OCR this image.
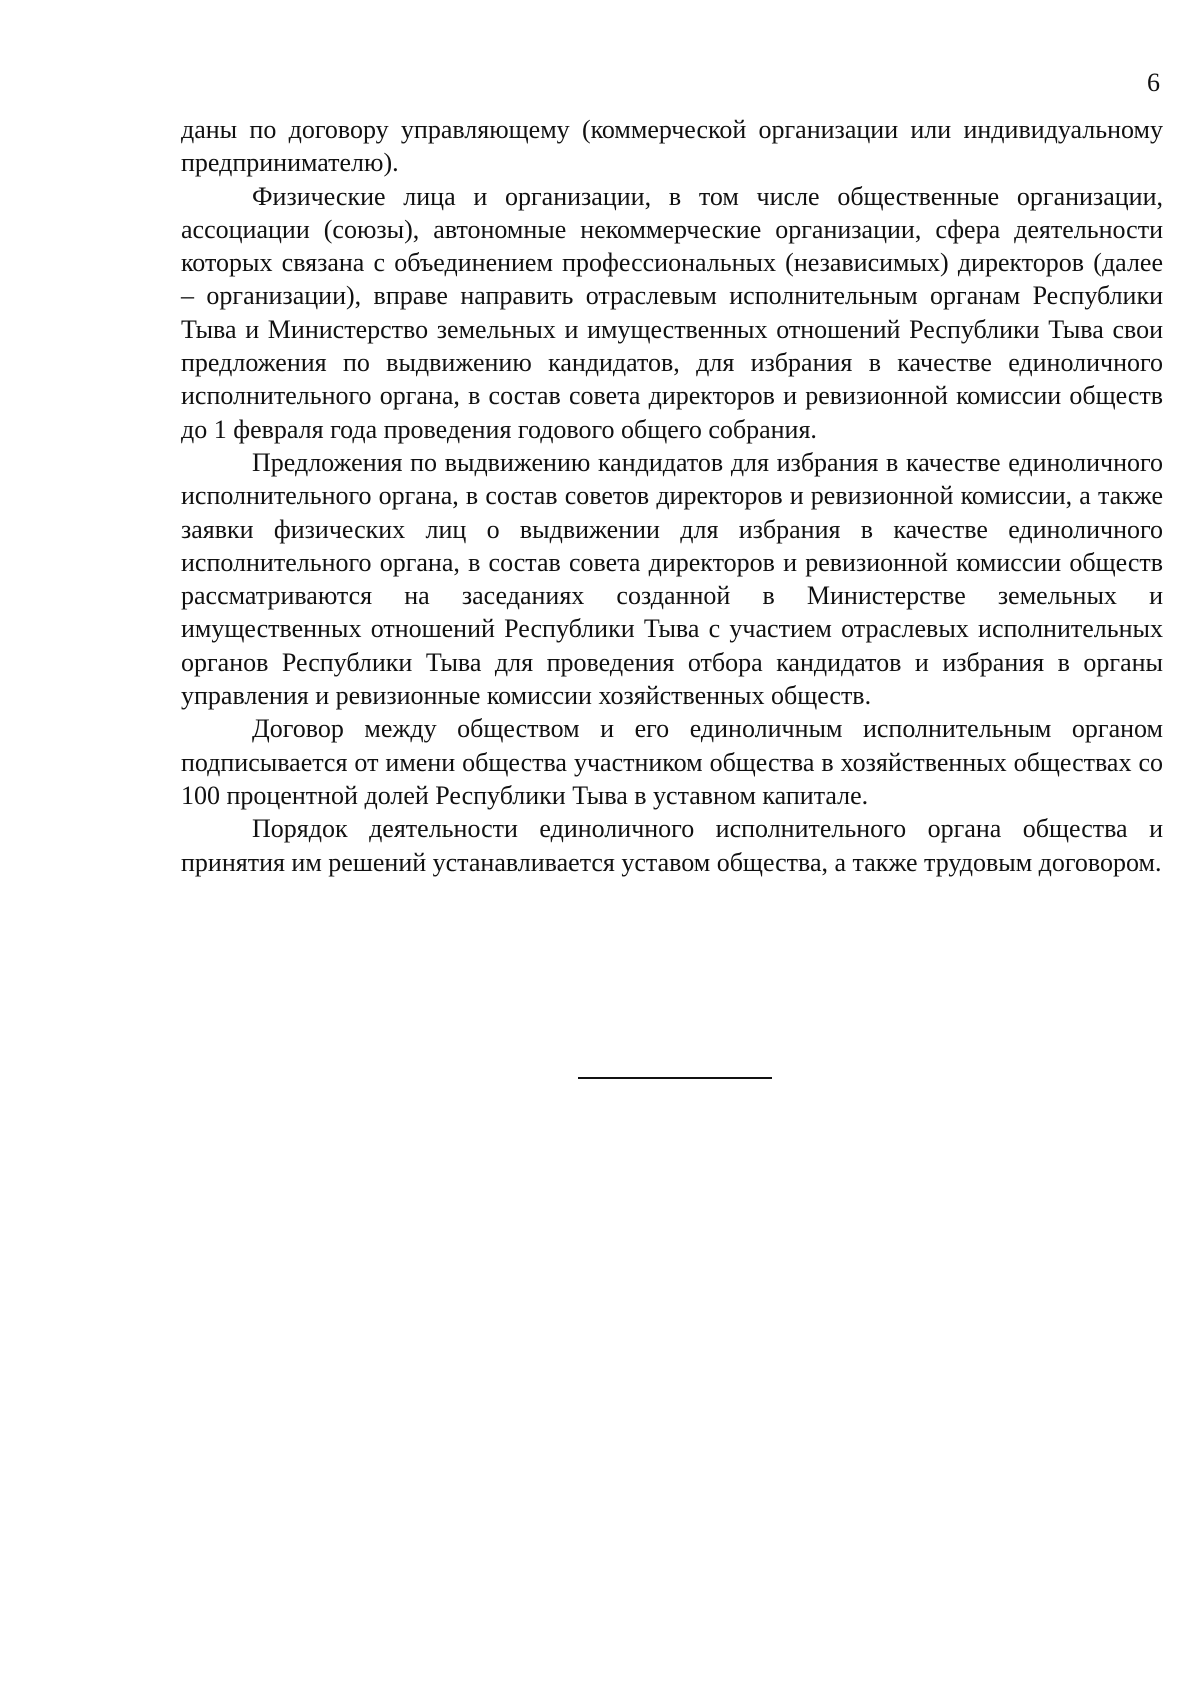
6

даны по договору управляющему (коммерческой организации или индивидуальному предпринимателю).

Физические лица и организации, в том числе общественные организации, ассоциации (союзы), автономные некоммерческие организации, сфера деятельности которых связана с объединением профессиональных (независимых) директоров (далее – организации), вправе направить отраслевым исполнительным органам Республики Тыва и Министерство земельных и имущественных отношений Республики Тыва свои предложения по выдвижению кандидатов, для избрания в качестве единоличного исполнительного органа, в состав совета директоров и ревизионной комиссии обществ до 1 февраля года проведения годового общего собрания.

Предложения по выдвижению кандидатов для избрания в качестве единоличного исполнительного органа, в состав советов директоров и ревизионной комиссии, а также заявки физических лиц о выдвижении для избрания в качестве единоличного исполнительного органа, в состав совета директоров и ревизионной комиссии обществ рассматриваются на заседаниях созданной в Министерстве земельных и имущественных отношений Республики Тыва с участием отраслевых исполнительных органов Республики Тыва для проведения отбора кандидатов и избрания в органы управления и ревизионные комиссии хозяйственных обществ.

Договор между обществом и его единоличным исполнительным органом подписывается от имени общества участником общества в хозяйственных обществах со 100 процентной долей Республики Тыва в уставном капитале.

Порядок деятельности единоличного исполнительного органа общества и принятия им решений устанавливается уставом общества, а также трудовым договором.
